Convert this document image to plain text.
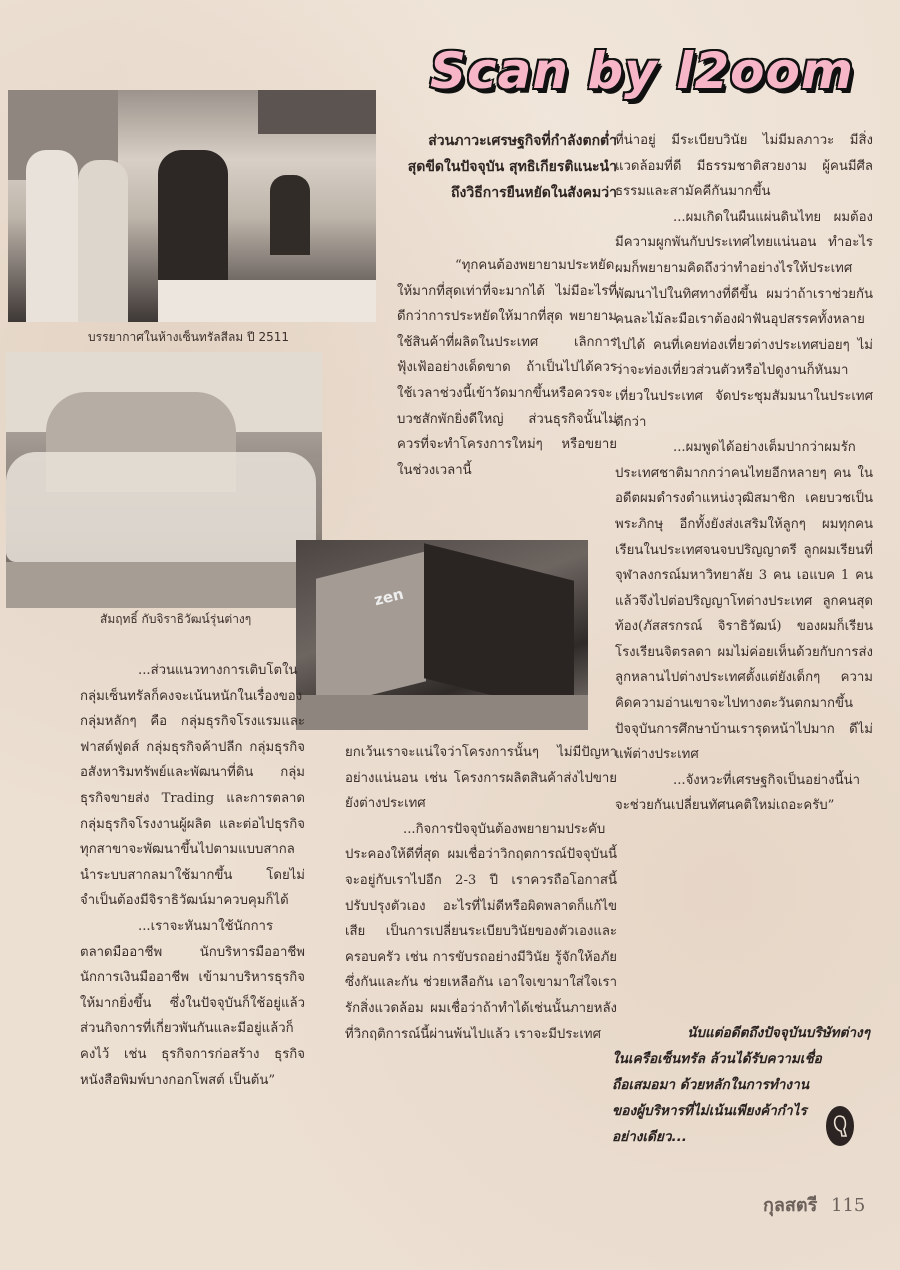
Scan by l2oom
บรรยากาศในห้างเซ็นทรัลสีลม ปี 2511
สัมฤทธิ์ กับจิราธิวัฒน์รุ่นต่างๆ
zen
ส่วนภาวะเศรษฐกิจที่กำลังตกต่ำสุดขีดในปัจจุบัน สุทธิเกียรติแนะนำถึงวิธีการยืนหยัดในสังคมว่า

“ทุกคนต้องพยายามประหยัดให้มากที่สุดเท่าที่จะมากได้ ไม่มีอะไรที่ดีกว่าการประหยัดให้มากที่สุด พยายามใช้สินค้าที่ผลิตในประเทศ เลิกการฟุ้งเฟ้ออย่างเด็ดขาด ถ้าเป็นไปได้ควรใช้เวลาช่วงนี้เข้าวัดมากขึ้นหรือควรจะบวชสักพักยิ่งดีใหญ่ ส่วนธุรกิจนั้นไม่ควรที่จะทำโครงการใหม่ๆ หรือขยายในช่วงเวลานี้

...ส่วนแนวทางการเติบโตในกลุ่มเซ็นทรัลก็คงจะเน้นหนักในเรื่องของกลุ่มหลักๆ คือ กลุ่มธุรกิจโรงแรมและฟาสต์ฟูดส์ กลุ่มธุรกิจค้าปลีก กลุ่มธุรกิจอสังหาริมทรัพย์และพัฒนาที่ดิน กลุ่มธุรกิจขายส่ง Trading และการตลาด กลุ่มธุรกิจโรงงานผู้ผลิต และต่อไปธุรกิจทุกสาขาจะพัฒนาขึ้นไปตามแบบสากล นำระบบสากลมาใช้มากขึ้น โดยไม่จำเป็นต้องมีจิราธิวัฒน์มาควบคุมก็ได้

...เราจะหันมาใช้นักการตลาดมืออาชีพ นักบริหารมืออาชีพ นักการเงินมืออาชีพ เข้ามาบริหารธุรกิจให้มากยิ่งขึ้น ซึ่งในปัจจุบันก็ใช้อยู่แล้ว ส่วนกิจการที่เกี่ยวพันกันและมีอยู่แล้วก็คงไว้ เช่น ธุรกิจการก่อสร้าง ธุรกิจหนังสือพิมพ์บางกอกโพสต์ เป็นต้น”

ยกเว้นเราจะแน่ใจว่าโครงการนั้นๆ ไม่มีปัญหาอย่างแน่นอน เช่น โครงการผลิตสินค้าส่งไปขายยังต่างประเทศ

...กิจการปัจจุบันต้องพยายามประคับประคองให้ดีที่สุด ผมเชื่อว่าวิกฤตการณ์ปัจจุบันนี้จะอยู่กับเราไปอีก 2-3 ปี เราควรถือโอกาสนี้ปรับปรุงตัวเอง อะไรที่ไม่ดีหรือผิดพลาดก็แก้ไขเสีย เป็นการเปลี่ยนระเบียบวินัยของตัวเองและครอบครัว เช่น การขับรถอย่างมีวินัย รู้จักให้อภัยซึ่งกันและกัน ช่วยเหลือกัน เอาใจเขามาใส่ใจเรา รักสิ่งแวดล้อม ผมเชื่อว่าถ้าทำได้เช่นนั้นภายหลังที่วิกฤติการณ์นี้ผ่านพ้นไปแล้ว เราจะมีประเทศ

ที่น่าอยู่ มีระเบียบวินัย ไม่มีมลภาวะ มีสิ่งแวดล้อมที่ดี มีธรรมชาติสวยงาม ผู้คนมีศีลธรรมและสามัคคีกันมากขึ้น

...ผมเกิดในผืนแผ่นดินไทย ผมต้องมีความผูกพันกับประเทศไทยแน่นอน ทำอะไรผมก็พยายามคิดถึงว่าทำอย่างไรให้ประเทศพัฒนาไปในทิศทางที่ดีขึ้น ผมว่าถ้าเราช่วยกันคนละไม้ละมือเราต้องฝ่าฟันอุปสรรคทั้งหลายไปได้ คนที่เคยท่องเที่ยวต่างประเทศบ่อยๆ ไม่ว่าจะท่องเที่ยวส่วนตัวหรือไปดูงานก็หันมาเที่ยวในประเทศ จัดประชุมสัมมนาในประเทศดีกว่า

...ผมพูดได้อย่างเต็มปากว่าผมรักประเทศชาติมากกว่าคนไทยอีกหลายๆ คน ในอดีตผมดำรงตำแหน่งวุฒิสมาชิก เคยบวชเป็นพระภิกษุ อีกทั้งยังส่งเสริมให้ลูกๆ ผมทุกคนเรียนในประเทศจนจบปริญญาตรี ลูกผมเรียนที่จุฬาลงกรณ์มหาวิทยาลัย 3 คน เอแบค 1 คน แล้วจึงไปต่อปริญญาโทต่างประเทศ ลูกคนสุดท้อง(ภัสสรกรณ์ จิราธิวัฒน์) ของผมก็เรียนโรงเรียนจิตรลดา ผมไม่ค่อยเห็นด้วยกับการส่งลูกหลานไปต่างประเทศตั้งแต่ยังเด็กๆ ความคิดความอ่านเขาจะไปทางตะวันตกมากขึ้น ปัจจุบันการศึกษาบ้านเรารุดหน้าไปมาก ดีไม่แพ้ต่างประเทศ

...จังหวะที่เศรษฐกิจเป็นอย่างนี้น่าจะช่วยกันเปลี่ยนทัศนคติใหม่เถอะครับ”

นับแต่อดีตถึงปัจจุบันบริษัทต่างๆ
ในเครือเซ็นทรัล ล้วนได้รับความเชื่อถือเสมอมา ด้วยหลักในการทำงานของผู้บริหารที่ไม่เน้นเพียงค้ากำไรอย่างเดียว...
กุลสตรี 115
